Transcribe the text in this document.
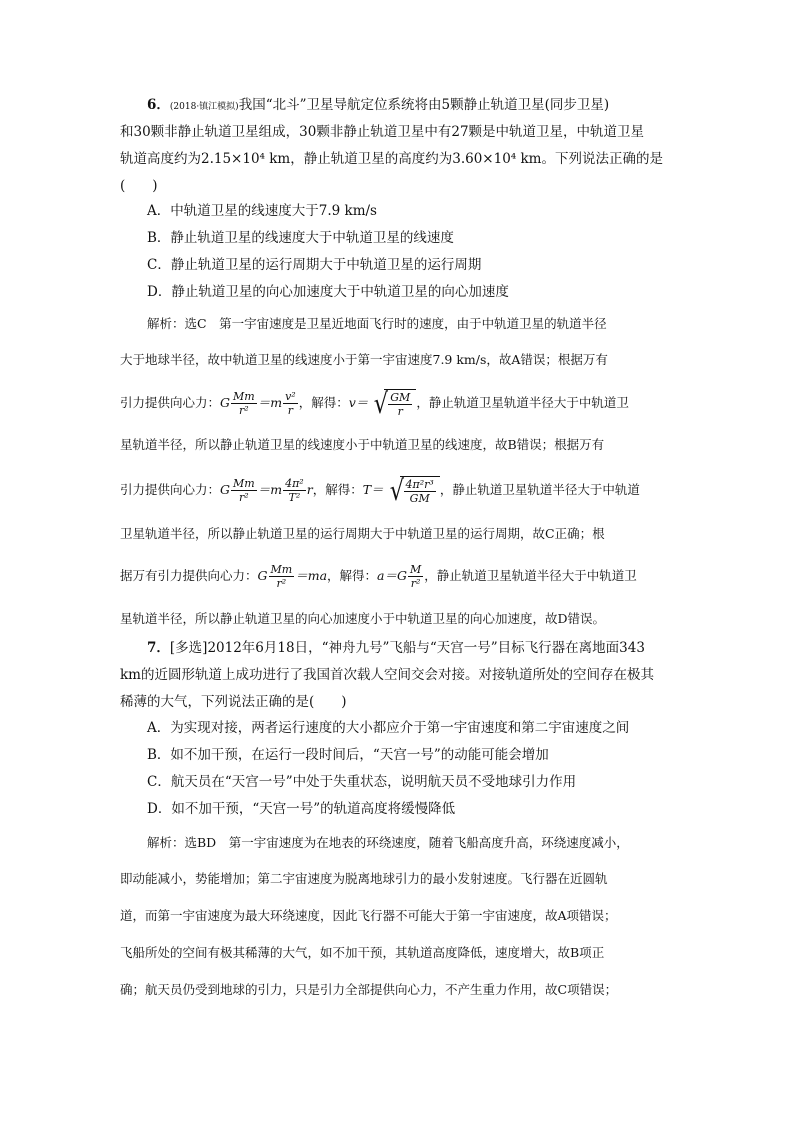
6．(2018·镇江模拟)我国“北斗”卫星导航定位系统将由5颗静止轨道卫星(同步卫星)
和30颗非静止轨道卫星组成，30颗非静止轨道卫星中有27颗是中轨道卫星，中轨道卫星
轨道高度约为2.15×10⁴ km，静止轨道卫星的高度约为3.60×10⁴ km。下列说法正确的是
(　　)
A．中轨道卫星的线速度大于7.9 km/s
B．静止轨道卫星的线速度大于中轨道卫星的线速度
C．静止轨道卫星的运行周期大于中轨道卫星的运行周期
D．静止轨道卫星的向心加速度大于中轨道卫星的向心加速度
解析：选C　第一宇宙速度是卫星近地面飞行时的速度，由于中轨道卫星的轨道半径
大于地球半径，故中轨道卫星的线速度小于第一宇宙速度7.9 km/s，故A错误；根据万有
引力提供向心力：G $\frac{Mm}{\text{r²}} =m \frac{\text{v²}}{r}$ ，解得：v＝ √ $\frac{GM}{r}$ ，静止轨道卫星轨道半径大于中轨道卫
星轨道半径，所以静止轨道卫星的线速度小于中轨道卫星的线速度，故B错误；根据万有
引力提供向心力：G $\frac{Mm}{\text{r²}} =m \frac{\text{4π²}}{\text{T²}}$ r，解得：T＝ √ $\frac{\text{4π²r³}}{GM}$ ，静止轨道卫星轨道半径大于中轨道
卫星轨道半径，所以静止轨道卫星的运行周期大于中轨道卫星的运行周期，故C正确；根
据万有引力提供向心力：G $\frac{Mm}{\text{r²}} =ma$，解得：$a=G \frac{M}{\text{r²}}$ ，静止轨道卫星轨道半径大于中轨道卫
星轨道半径，所以静止轨道卫星的向心加速度小于中轨道卫星的向心加速度，故D错误。
7．[多选]2012年6月18日，“神舟九号”飞船与“天宫一号”目标飞行器在离地面343
km的近圆形轨道上成功进行了我国首次载人空间交会对接。对接轨道所处的空间存在极其
稀薄的大气，下列说法正确的是(　　)
A．为实现对接，两者运行速度的大小都应介于第一宇宙速度和第二宇宙速度之间
B．如不加干预，在运行一段时间后，“天宫一号”的动能可能会增加
C．航天员在“天宫一号”中处于失重状态，说明航天员不受地球引力作用
D．如不加干预，“天宫一号”的轨道高度将缓慢降低
解析：选BD　第一宇宙速度为在地表的环绕速度，随着飞船高度升高，环绕速度减小，
即动能减小，势能增加；第二宇宙速度为脱离地球引力的最小发射速度。飞行器在近圆轨
道，而第一宇宙速度为最大环绕速度，因此飞行器不可能大于第一宇宙速度，故A项错误；
飞船所处的空间有极其稀薄的大气，如不加干预，其轨道高度降低，速度增大，故B项正
确；航天员仍受到地球的引力，只是引力全部提供向心力，不产生重力作用，故C项错误；
